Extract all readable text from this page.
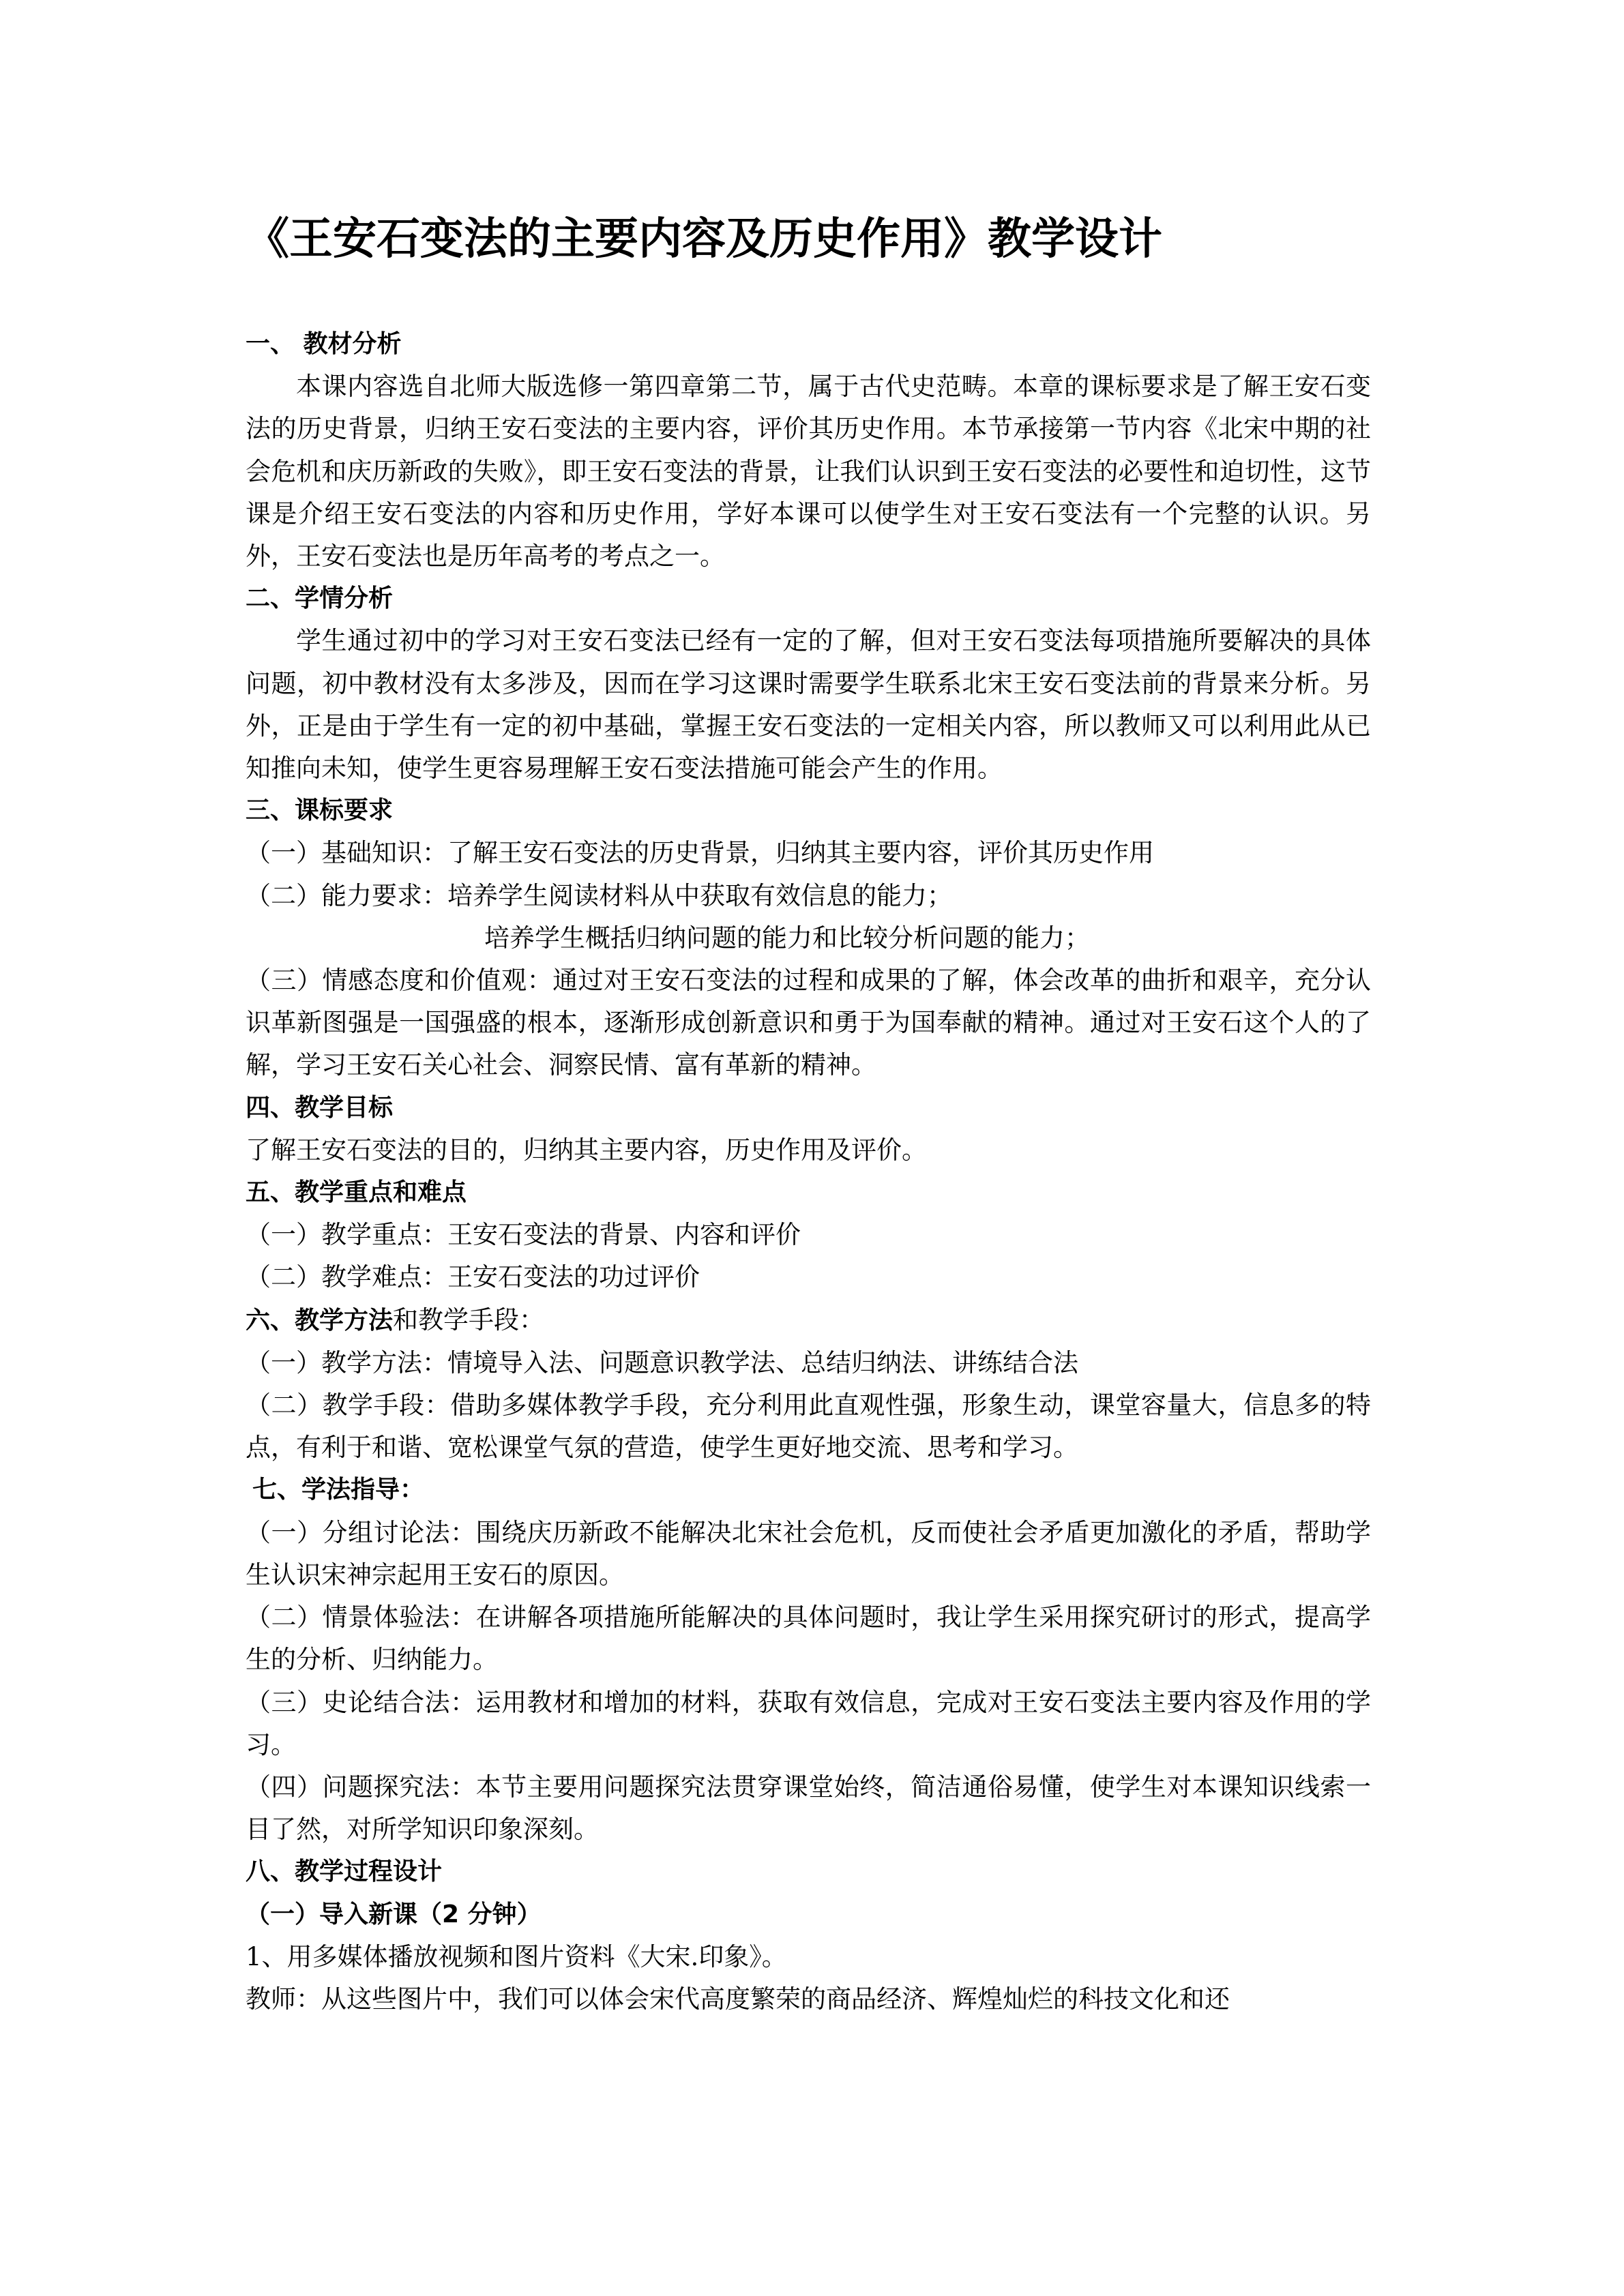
《王安石变法的主要内容及历史作用》教学设计

一、 教材分析

本课内容选自北师大版选修一第四章第二节，属于古代史范畴。本章的课标要求是了解王安石变法的历史背景，归纳王安石变法的主要内容，评价其历史作用。本节承接第一节内容《北宋中期的社会危机和庆历新政的失败》，即王安石变法的背景，让我们认识到王安石变法的必要性和迫切性，这节课是介绍王安石变法的内容和历史作用，学好本课可以使学生对王安石变法有一个完整的认识。另外，王安石变法也是历年高考的考点之一。

二、学情分析

学生通过初中的学习对王安石变法已经有一定的了解，但对王安石变法每项措施所要解决的具体问题，初中教材没有太多涉及，因而在学习这课时需要学生联系北宋王安石变法前的背景来分析。另外，正是由于学生有一定的初中基础，掌握王安石变法的一定相关内容，所以教师又可以利用此从已知推向未知，使学生更容易理解王安石变法措施可能会产生的作用。

三、课标要求

（一）基础知识：了解王安石变法的历史背景，归纳其主要内容，评价其历史作用

（二）能力要求：培养学生阅读材料从中获取有效信息的能力；

培养学生概括归纳问题的能力和比较分析问题的能力；

（三）情感态度和价值观：通过对王安石变法的过程和成果的了解，体会改革的曲折和艰辛，充分认识革新图强是一国强盛的根本，逐渐形成创新意识和勇于为国奉献的精神。通过对王安石这个人的了解，学习王安石关心社会、洞察民情、富有革新的精神。

四、教学目标

了解王安石变法的目的，归纳其主要内容，历史作用及评价。

五、教学重点和难点

（一）教学重点：王安石变法的背景、内容和评价

（二）教学难点：王安石变法的功过评价

六、教学方法和教学手段：

（一）教学方法：情境导入法、问题意识教学法、总结归纳法、讲练结合法

（二）教学手段：借助多媒体教学手段，充分利用此直观性强，形象生动，课堂容量大，信息多的特点，有利于和谐、宽松课堂气氛的营造，使学生更好地交流、思考和学习。

七、学法指导：

（一）分组讨论法：围绕庆历新政不能解决北宋社会危机，反而使社会矛盾更加激化的矛盾，帮助学生认识宋神宗起用王安石的原因。

（二）情景体验法：在讲解各项措施所能解决的具体问题时，我让学生采用探究研讨的形式，提高学生的分析、归纳能力。

（三）史论结合法：运用教材和增加的材料，获取有效信息，完成对王安石变法主要内容及作用的学习。

（四）问题探究法：本节主要用问题探究法贯穿课堂始终，简洁通俗易懂，使学生对本课知识线索一目了然，对所学知识印象深刻。

八、教学过程设计

（一）导入新课（2 分钟）

1、用多媒体播放视频和图片资料《大宋.印象》。

教师：从这些图片中，我们可以体会宋代高度繁荣的商品经济、辉煌灿烂的科技文化和还
